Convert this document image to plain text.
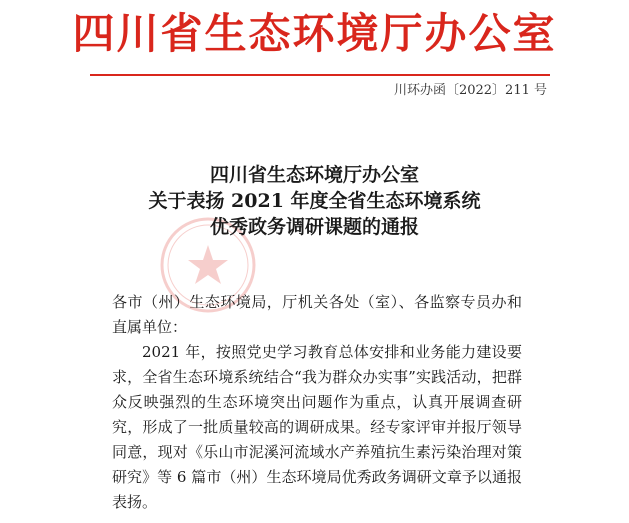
四川省生态环境厅办公室
川环办函〔2022〕211 号
四川省生态环境厅办公室
关于表扬 2021 年度全省生态环境系统
优秀政务调研课题的通报

各市（州）生态环境局，厅机关各处（室）、各监察专员办和直属单位：

2021 年，按照党史学习教育总体安排和业务能力建设要求，全省生态环境系统结合“我为群众办实事”实践活动，把群众反映强烈的生态环境突出问题作为重点，认真开展调查研究，形成了一批质量较高的调研成果。经专家评审并报厅领导同意，现对《乐山市泥溪河流域水产养殖抗生素污染治理对策研究》等 6 篇市（州）生态环境局优秀政务调研文章予以通报表扬。
